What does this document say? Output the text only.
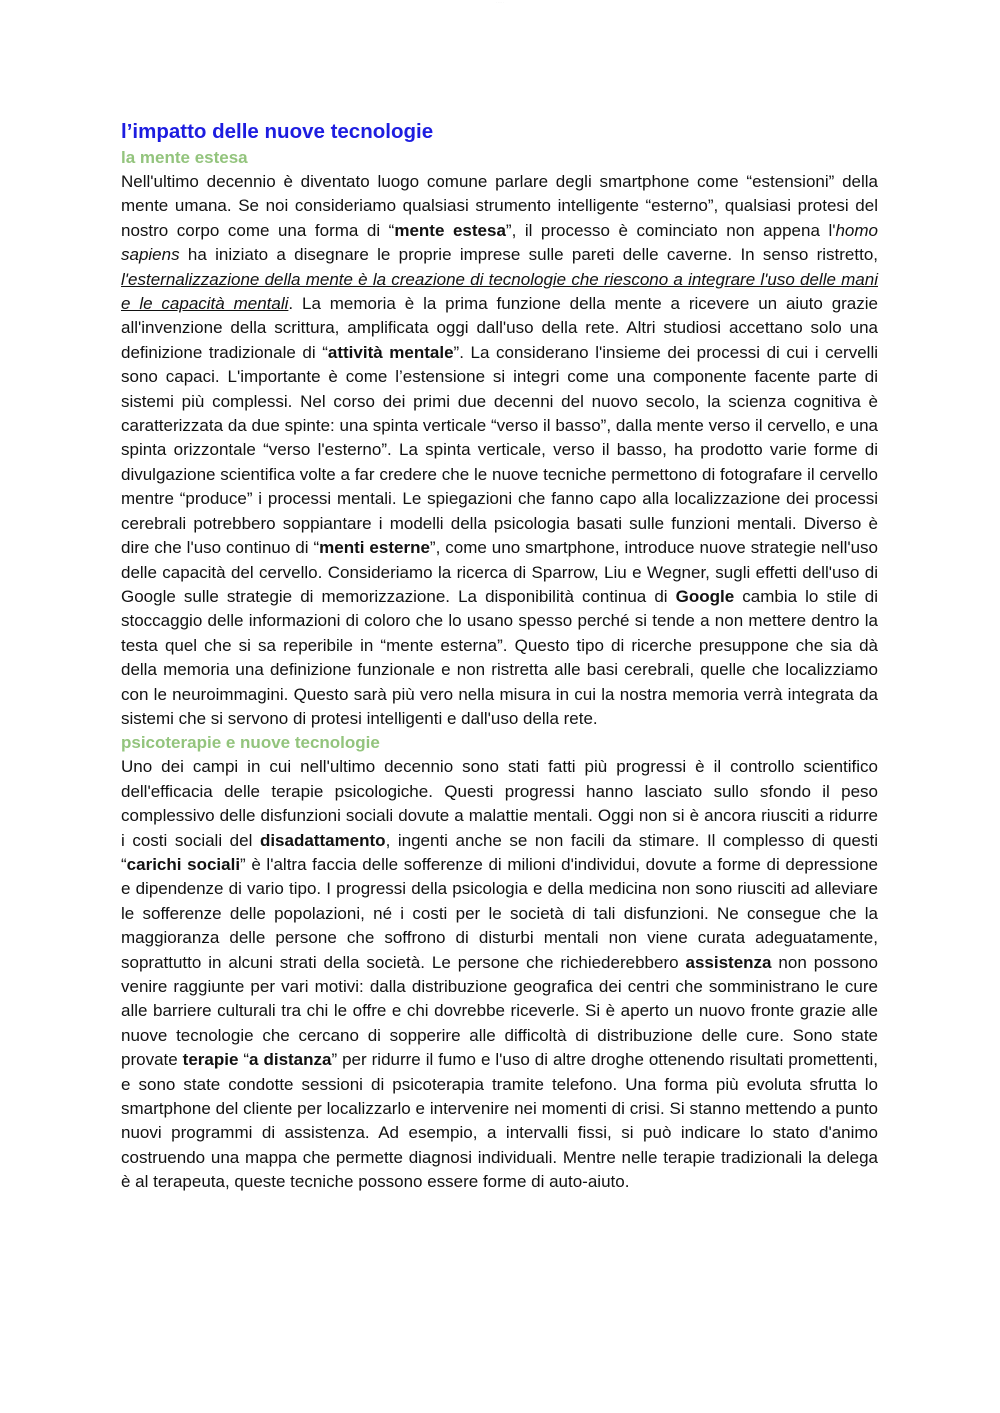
· · · · ·
l’impatto delle nuove tecnologie
la mente estesa

Nell'ultimo decennio è diventato luogo comune parlare degli smartphone come “estensioni” della mente umana. Se noi consideriamo qualsiasi strumento intelligente “esterno”, qualsiasi protesi del nostro corpo come una forma di “mente estesa”, il processo è cominciato non appena l'homo sapiens ha iniziato a disegnare le proprie imprese sulle pareti delle caverne. In senso ristretto, l'esternalizzazione della mente è la creazione di tecnologie che riescono a integrare l'uso delle mani e le capacità mentali. La memoria è la prima funzione della mente a ricevere un aiuto grazie all'invenzione della scrittura, amplificata oggi dall'uso della rete. Altri studiosi accettano solo una definizione tradizionale di “attività mentale”. La considerano l'insieme dei processi di cui i cervelli sono capaci. L'importante è come l’estensione si integri come una componente facente parte di sistemi più complessi. Nel corso dei primi due decenni del nuovo secolo, la scienza cognitiva è caratterizzata da due spinte: una spinta verticale “verso il basso”, dalla mente verso il cervello, e una spinta orizzontale “verso l'esterno”. La spinta verticale, verso il basso, ha prodotto varie forme di divulgazione scientifica volte a far credere che le nuove tecniche permettono di fotografare il cervello mentre “produce” i processi mentali. Le spiegazioni che fanno capo alla localizzazione dei processi cerebrali potrebbero soppiantare i modelli della psicologia basati sulle funzioni mentali. Diverso è dire che l'uso continuo di “menti esterne”, come uno smartphone, introduce nuove strategie nell'uso delle capacità del cervello. Consideriamo la ricerca di Sparrow, Liu e Wegner, sugli effetti dell'uso di Google sulle strategie di memorizzazione. La disponibilità continua di Google cambia lo stile di stoccaggio delle informazioni di coloro che lo usano spesso perché si tende a non mettere dentro la testa quel che si sa reperibile in “mente esterna”. Questo tipo di ricerche presuppone che sia dà della memoria una definizione funzionale e non ristretta alle basi cerebrali, quelle che localizziamo con le neuroimmagini. Questo sarà più vero nella misura in cui la nostra memoria verrà integrata da sistemi che si servono di protesi intelligenti e dall'uso della rete.

psicoterapie e nuove tecnologie

Uno dei campi in cui nell'ultimo decennio sono stati fatti più progressi è il controllo scientifico dell'efficacia delle terapie psicologiche. Questi progressi hanno lasciato sullo sfondo il peso complessivo delle disfunzioni sociali dovute a malattie mentali. Oggi non si è ancora riusciti a ridurre i costi sociali del disadattamento, ingenti anche se non facili da stimare. Il complesso di questi “carichi sociali” è l'altra faccia delle sofferenze di milioni d'individui, dovute a forme di depressione e dipendenze di vario tipo. I progressi della psicologia e della medicina non sono riusciti ad alleviare le sofferenze delle popolazioni, né i costi per le società di tali disfunzioni. Ne consegue che la maggioranza delle persone che soffrono di disturbi mentali non viene curata adeguatamente, soprattutto in alcuni strati della società. Le persone che richiederebbero assistenza non possono venire raggiunte per vari motivi: dalla distribuzione geografica dei centri che somministrano le cure alle barriere culturali tra chi le offre e chi dovrebbe riceverle. Si è aperto un nuovo fronte grazie alle nuove tecnologie che cercano di sopperire alle difficoltà di distribuzione delle cure. Sono state provate terapie “a distanza” per ridurre il fumo e l'uso di altre droghe ottenendo risultati promettenti, e sono state condotte sessioni di psicoterapia tramite telefono. Una forma più evoluta sfrutta lo smartphone del cliente per localizzarlo e intervenire nei momenti di crisi. Si stanno mettendo a punto nuovi programmi di assistenza. Ad esempio, a intervalli fissi, si può indicare lo stato d'animo costruendo una mappa che permette diagnosi individuali. Mentre nelle terapie tradizionali la delega è al terapeuta, queste tecniche possono essere forme di auto-aiuto.
